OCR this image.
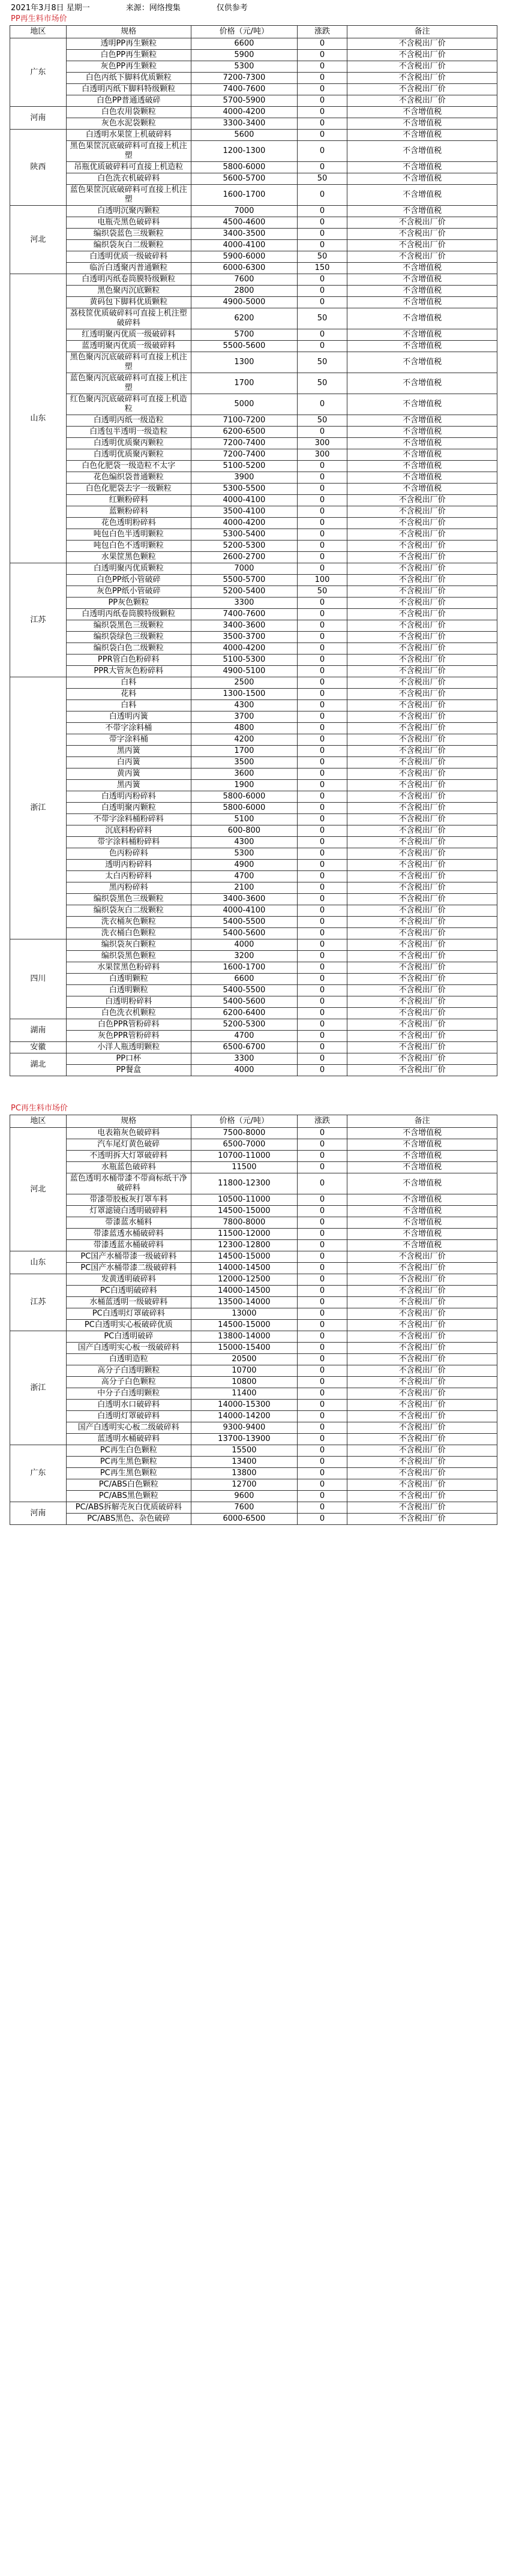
2021年3月8日 星期一	来源：网络搜集	仅供参考
PP再生料市场价
地区	规格	价格（元/吨）	涨跌	备注
广东	透明PP再生颗粒	6600	0	不含税出厂价
	白色PP再生颗粒	5900	0	不含税出厂价
	灰色PP再生颗粒	5300	0	不含税出厂价
	白色丙纸下脚料优质颗粒	7200-7300	0	不含税出厂价
	白透明丙纸下脚料特级颗粒	7400-7600	0	不含税出厂价
	白色PP普通透破碎	5700-5900	0	不含税出厂价
河南	白色农用袋颗粒	4000-4200	0	不含增值税
	灰色水泥袋颗粒	3300-3400	0	不含增值税
陕西	白透明水果筐上机破碎料	5600	0	不含增值税
	黑色果筐沉底破碎料可直接上机注塑	1200-1300	0	不含增值税
	吊瓶优质破碎料可直接上机造粒	5800-6000	0	不含增值税
	白色洗衣机破碎料	5600-5700	50	不含增值税
	蓝色果筐沉底破碎料可直接上机注塑	1600-1700	0	不含增值税
河北	白透明沉聚丙颗粒	7000	0	不含增值税
	电瓶壳黑色破碎料	4500-4600	0	不含税出厂价
	编织袋蓝色三级颗粒	3400-3500	0	不含税出厂价
	编织袋灰白二级颗粒	4000-4100	0	不含税出厂价
	白透明优质一级破碎料	5900-6000	50	不含税出厂价
	临沂白透聚丙普通颗粒	6000-6300	150	不含增值税
山东	白透明丙纸卷筒膜特级颗粒	7600	0	不含增值税
	黑色聚丙沉底颗粒	2800	0	不含增值税
	黄码包下脚料优质颗粒	4900-5000	0	不含增值税
	荔枝筐优质破碎料可直接上机注塑破碎料	6200	50	不含增值税
	红透明聚丙优质一级破碎料	5700	0	不含增值税
	蓝透明聚丙优质一级破碎料	5500-5600	0	不含增值税
	黑色聚丙沉底破碎料可直接上机注塑	1300	50	不含增值税
	蓝色聚丙沉底破碎料可直接上机注塑	1700	50	不含增值税
	红色聚丙沉底破碎料可直接上机造粒	5000	0	不含增值税
	白透明丙纸一级造粒	7100-7200	50	不含增值税
	白透包半透明一级造粒	6200-6500	0	不含增值税
	白透明优质聚丙颗粒	7200-7400	300	不含增值税
	白透明优质聚丙颗粒	7200-7400	300	不含增值税
	白色化肥袋一级造粒不太字	5100-5200	0	不含增值税
	花色编织袋普通颗粒	3900	0	不含增值税
	白色化肥袋去字一级颗粒	5300-5500	0	不含增值税
	红颗粉碎料	4000-4100	0	不含税出厂价
	蓝颗粉碎料	3500-4100	0	不含税出厂价
	花色透明粉碎料	4000-4200	0	不含税出厂价
	吨包白色半透明颗粒	5300-5400	0	不含税出厂价
	吨包白色不透明颗粒	5200-5300	0	不含税出厂价
	水果筐黑色颗粒	2600-2700	0	不含税出厂价
江苏	白透明聚丙优质颗粒	7000	0	不含税出厂价
	白色PP纸小管破碎	5500-5700	100	不含税出厂价
	灰色PP纸小管破碎	5200-5400	50	不含税出厂价
	PP灰色颗粒	3300	0	不含税出厂价
	白透明丙纸卷筒膜特级颗粒	7400-7600	0	不含税出厂价
	编织袋黑色三级颗粒	3400-3600	0	不含税出厂价
	编织袋绿色三级颗粒	3500-3700	0	不含税出厂价
	编织袋白色二级颗粒	4000-4200	0	不含税出厂价
	PPR管白色粉碎料	5100-5300	0	不含税出厂价
	PPR大管灰色粉碎料	4900-5100	0	不含税出厂价
浙江	白料	2500	0	不含税出厂价
	花料	1300-1500	0	不含税出厂价
	白料	4300	0	不含税出厂价
	白透明丙簧	3700	0	不含税出厂价
	不带字涂料桶	4800	0	不含税出厂价
	带字涂料桶	4200	0	不含税出厂价
	黑丙簧	1700	0	不含税出厂价
	白丙簧	3500	0	不含税出厂价
	黄丙簧	3600	0	不含税出厂价
	黑丙簧	1900	0	不含税出厂价
	白透明丙粉碎料	5800-6000	0	不含税出厂价
	白透明聚丙颗粒	5800-6000	0	不含税出厂价
	不带字涂料桶粉碎料	5100	0	不含税出厂价
	沉底料粉碎料	600-800	0	不含税出厂价
	带字涂料桶粉碎料	4300	0	不含税出厂价
	色丙粉碎料	5300	0	不含税出厂价
	透明丙粉碎料	4900	0	不含税出厂价
	太白丙粉碎料	4700	0	不含税出厂价
	黑丙粉碎料	2100	0	不含税出厂价
	编织袋黑色三级颗粒	3400-3600	0	不含税出厂价
	编织袋灰白二级颗粒	4000-4100	0	不含税出厂价
	洗衣桶灰色颗粒	5400-5500	0	不含税出厂价
	洗衣桶白色颗粒	5400-5600	0	不含税出厂价
四川	编织袋灰白颗粒	4000	0	不含税出厂价
	编织袋黑色颗粒	3200	0	不含税出厂价
	水果筐黑色粉碎料	1600-1700	0	不含税出厂价
	白透明颗粒	6600	0	不含税出厂价
	白透明颗粒	5400-5500	0	不含税出厂价
	白透明粉碎料	5400-5600	0	不含税出厂价
	白色洗衣机颗粒	6200-6400	0	不含税出厂价
湖南	白色PPR管粉碎料	5200-5300	0	不含税出厂价
	灰色PPR管粉碎料	4700	0	不含税出厂价
安徽	小洋人瓶透明颗粒	6500-6700	0	不含税出厂价
湖北	PP口杯	3300	0	不含税出厂价
	PP餐盒	4000	0	不含税出厂价
PC再生料市场价
地区	规格	价格（元/吨）	涨跌	备注
河北	电表箱灰色破碎料	7500-8000	0	不含增值税
	汽车尾灯黄色破碎	6500-7000	0	不含增值税
	不透明拆大灯罩破碎料	10700-11000	0	不含增值税
	水瓶蓝色破碎料	11500	0	不含增值税
	蓝色透明水桶带漆不带商标纸干净破碎料	11800-12300	0	不含增值税
	带漆带胶板灰打罩车料	10500-11000	0	不含增值税
	灯罩滤镜白透明破碎料	14500-15000	0	不含增值税
	带漆蓝水桶料	7800-8000	0	不含增值税
	带漆蓝透水桶破碎料	11500-12000	0	不含增值税
	带漆透蓝水桶破碎料	12300-12800	0	不含增值税
山东	PC国产水桶带漆一级破碎料	14500-15000	0	不含税出厂价
	PC国产水桶带漆二级破碎料	14000-14500	0	不含税出厂价
江苏	发黄透明破碎料	12000-12500	0	不含税出厂价
	PC白透明破碎料	14000-14500	0	不含税出厂价
	水桶蓝透明一级破碎料	13500-14000	0	不含税出厂价
	PC白透明灯罩破碎料	13000	0	不含税出厂价
	PC白透明实心板破碎优质	14500-15000	0	不含税出厂价
浙江	PC白透明破碎	13800-14000	0	不含税出厂价
	国产白透明实心板一级破碎料	15000-15400	0	不含税出厂价
	白透明造粒	20500	0	不含税出厂价
	高分子白透明颗粒	10700	0	不含税出厂价
	高分子白色颗粒	10800	0	不含税出厂价
	中分子白透明颗粒	11400	0	不含税出厂价
	白透明水口破碎料	14000-15300	0	不含税出厂价
	白透明灯罩破碎料	14000-14200	0	不含税出厂价
	国产白透明实心板二级破碎料	9300-9400	0	不含税出厂价
	蓝透明水桶破碎料	13700-13900	0	不含税出厂价
广东	PC再生白色颗粒	15500	0	不含税出厂价
	PC再生黑色颗粒	13400	0	不含税出厂价
	PC再生黑色颗粒	13800	0	不含税出厂价
	PC/ABS白色颗粒	12700	0	不含税出厂价
	PC/ABS黑色颗粒	9600	0	不含税出厂价
河南	PC/ABS拆解壳灰白优质破碎料	7600	0	不含税出厂价
	PC/ABS黑色、杂色破碎	6000-6500	0	不含税出厂价
